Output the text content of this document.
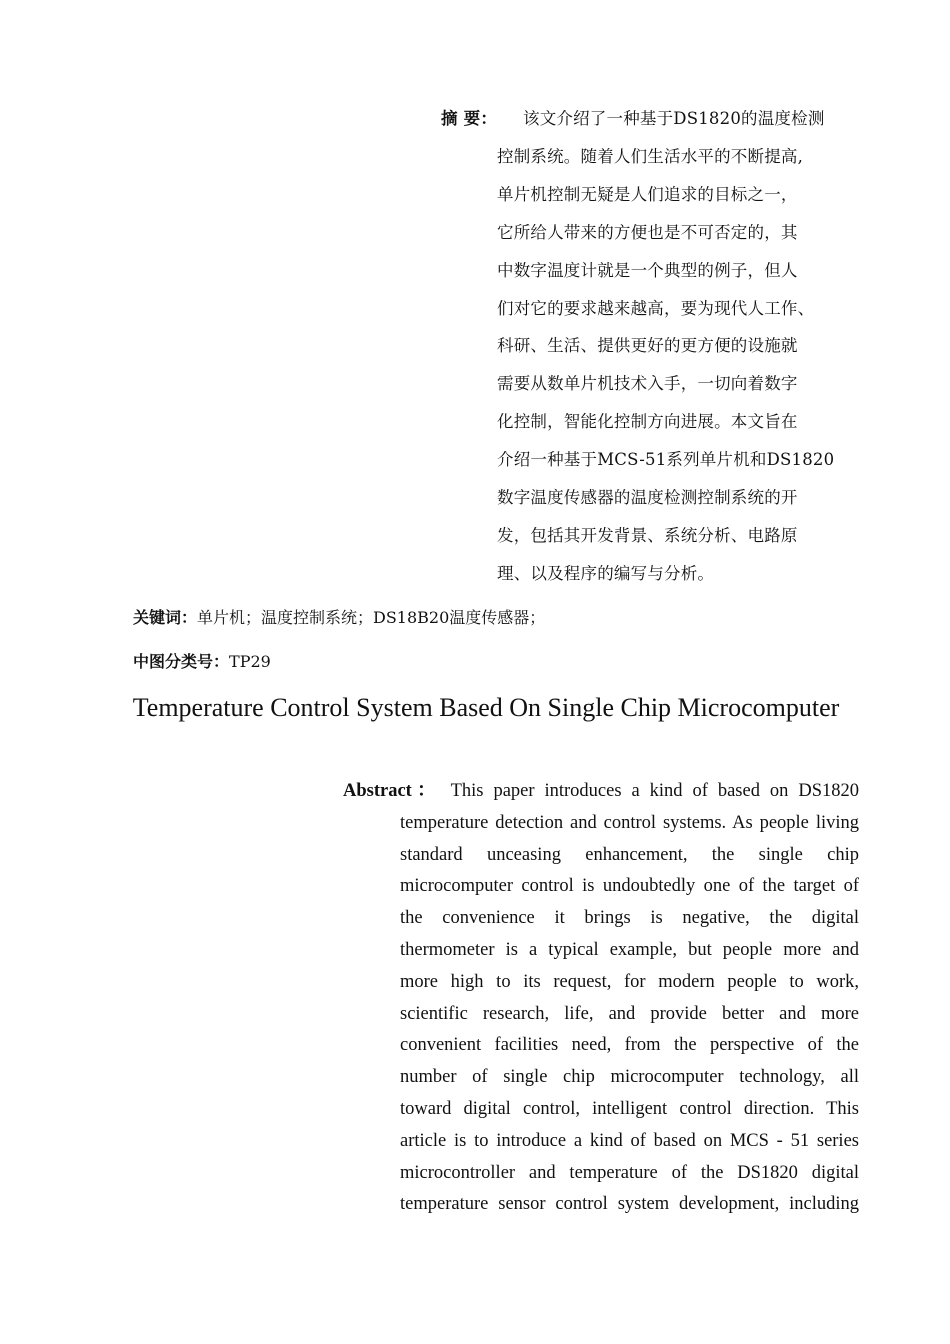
摘 要： 该文介绍了一种基于DS1820的温度检测
控制系统。随着人们生活水平的不断提高,
单片机控制无疑是人们追求的目标之一，
它所给人带来的方便也是不可否定的，其
中数字温度计就是一个典型的例子，但人
们对它的要求越来越高，要为现代人工作、
科研、生活、提供更好的更方便的设施就
需要从数单片机技术入手，一切向着数字
化控制，智能化控制方向进展。本文旨在
介绍一种基于MCS-51系列单片机和DS1820
数字温度传感器的温度检测控制系统的开
发，包括其开发背景、系统分析、电路原
理、以及程序的编写与分析。
关键词：单片机；温度控制系统；DS18B20温度传感器；
中图分类号：TP29
Temperature Control System Based On Single Chip Microcomputer
Abstract： This paper introduces a kind of based on DS1820
temperature detection and control systems. As people living
standard unceasing enhancement, the single chip
microcomputer control is undoubtedly one of the target of
the convenience it brings is negative, the digital
thermometer is a typical example, but people more and
more high to its request, for modern people to work,
scientific research, life, and provide better and more
convenient facilities need, from the perspective of the
number of single chip microcomputer technology, all
toward digital control, intelligent control direction. This
article is to introduce a kind of based on MCS - 51 series
microcontroller and temperature of the DS1820 digital
temperature sensor control system development, including
